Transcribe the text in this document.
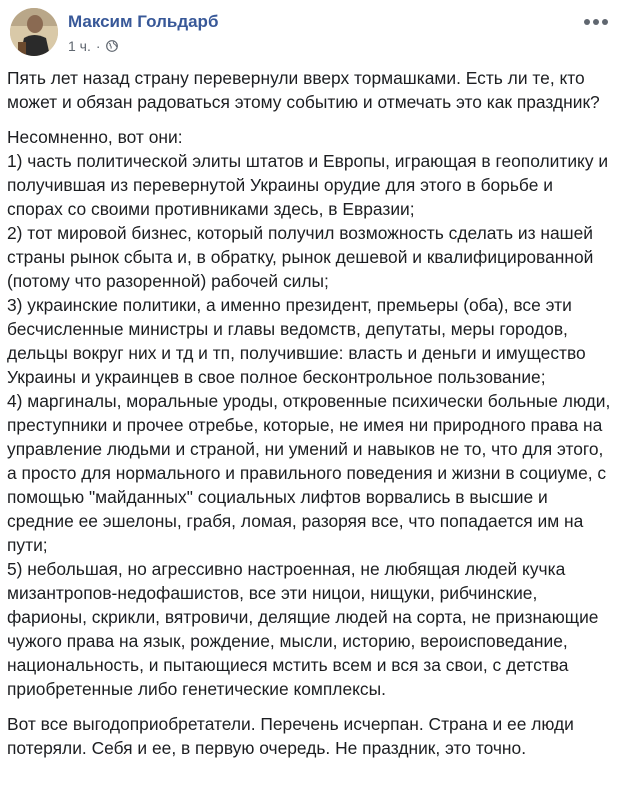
Максим Гольдарб
1 ч. ·

Пять лет назад страну перевернули вверх тормашками. Есть ли те, кто может и обязан радоваться этому событию и отмечать это как праздник?

Несомненно, вот они:
1) часть политической элиты штатов и Европы, играющая в геополитику и получившая из перевернутой Украины орудие для этого в борьбе и спорах со своими противниками здесь, в Евразии;
2) тот мировой бизнес, который получил возможность сделать из нашей страны рынок сбыта и, в обратку, рынок дешевой и квалифицированной (потому что разоренной) рабочей силы;
3) украинские политики, а именно президент, премьеры (оба), все эти бесчисленные министры и главы ведомств, депутаты, меры городов, дельцы вокруг них и тд и тп, получившие: власть и деньги и имущество Украины и украинцев в свое полное бесконтрольное пользование;
4) маргиналы, моральные уроды, откровенные психически больные люди, преступники и прочее отребье, которые, не имея ни природного права на управление людьми и страной, ни умений и навыков не то, что для этого, а просто для нормального и правильного поведения и жизни в социуме, с помощью "майданных" социальных лифтов ворвались в высшие и средние ее эшелоны, грабя, ломая, разоряя все, что попадается им на пути;
5) небольшая, но агрессивно настроенная, не любящая людей кучка мизантропов-недофашистов, все эти ницои, нищуки, рибчинские, фарионы, скрикли, вятровичи, делящие людей на сорта, не признающие чужого права на язык, рождение, мысли, историю, вероисповедание, национальность, и пытающиеся мстить всем и вся за свои, с детства приобретенные либо генетические комплексы.

Вот все выгодоприобретатели. Перечень исчерпан. Страна и ее люди потеряли. Себя и ее, в первую очередь. Не праздник, это точно.
